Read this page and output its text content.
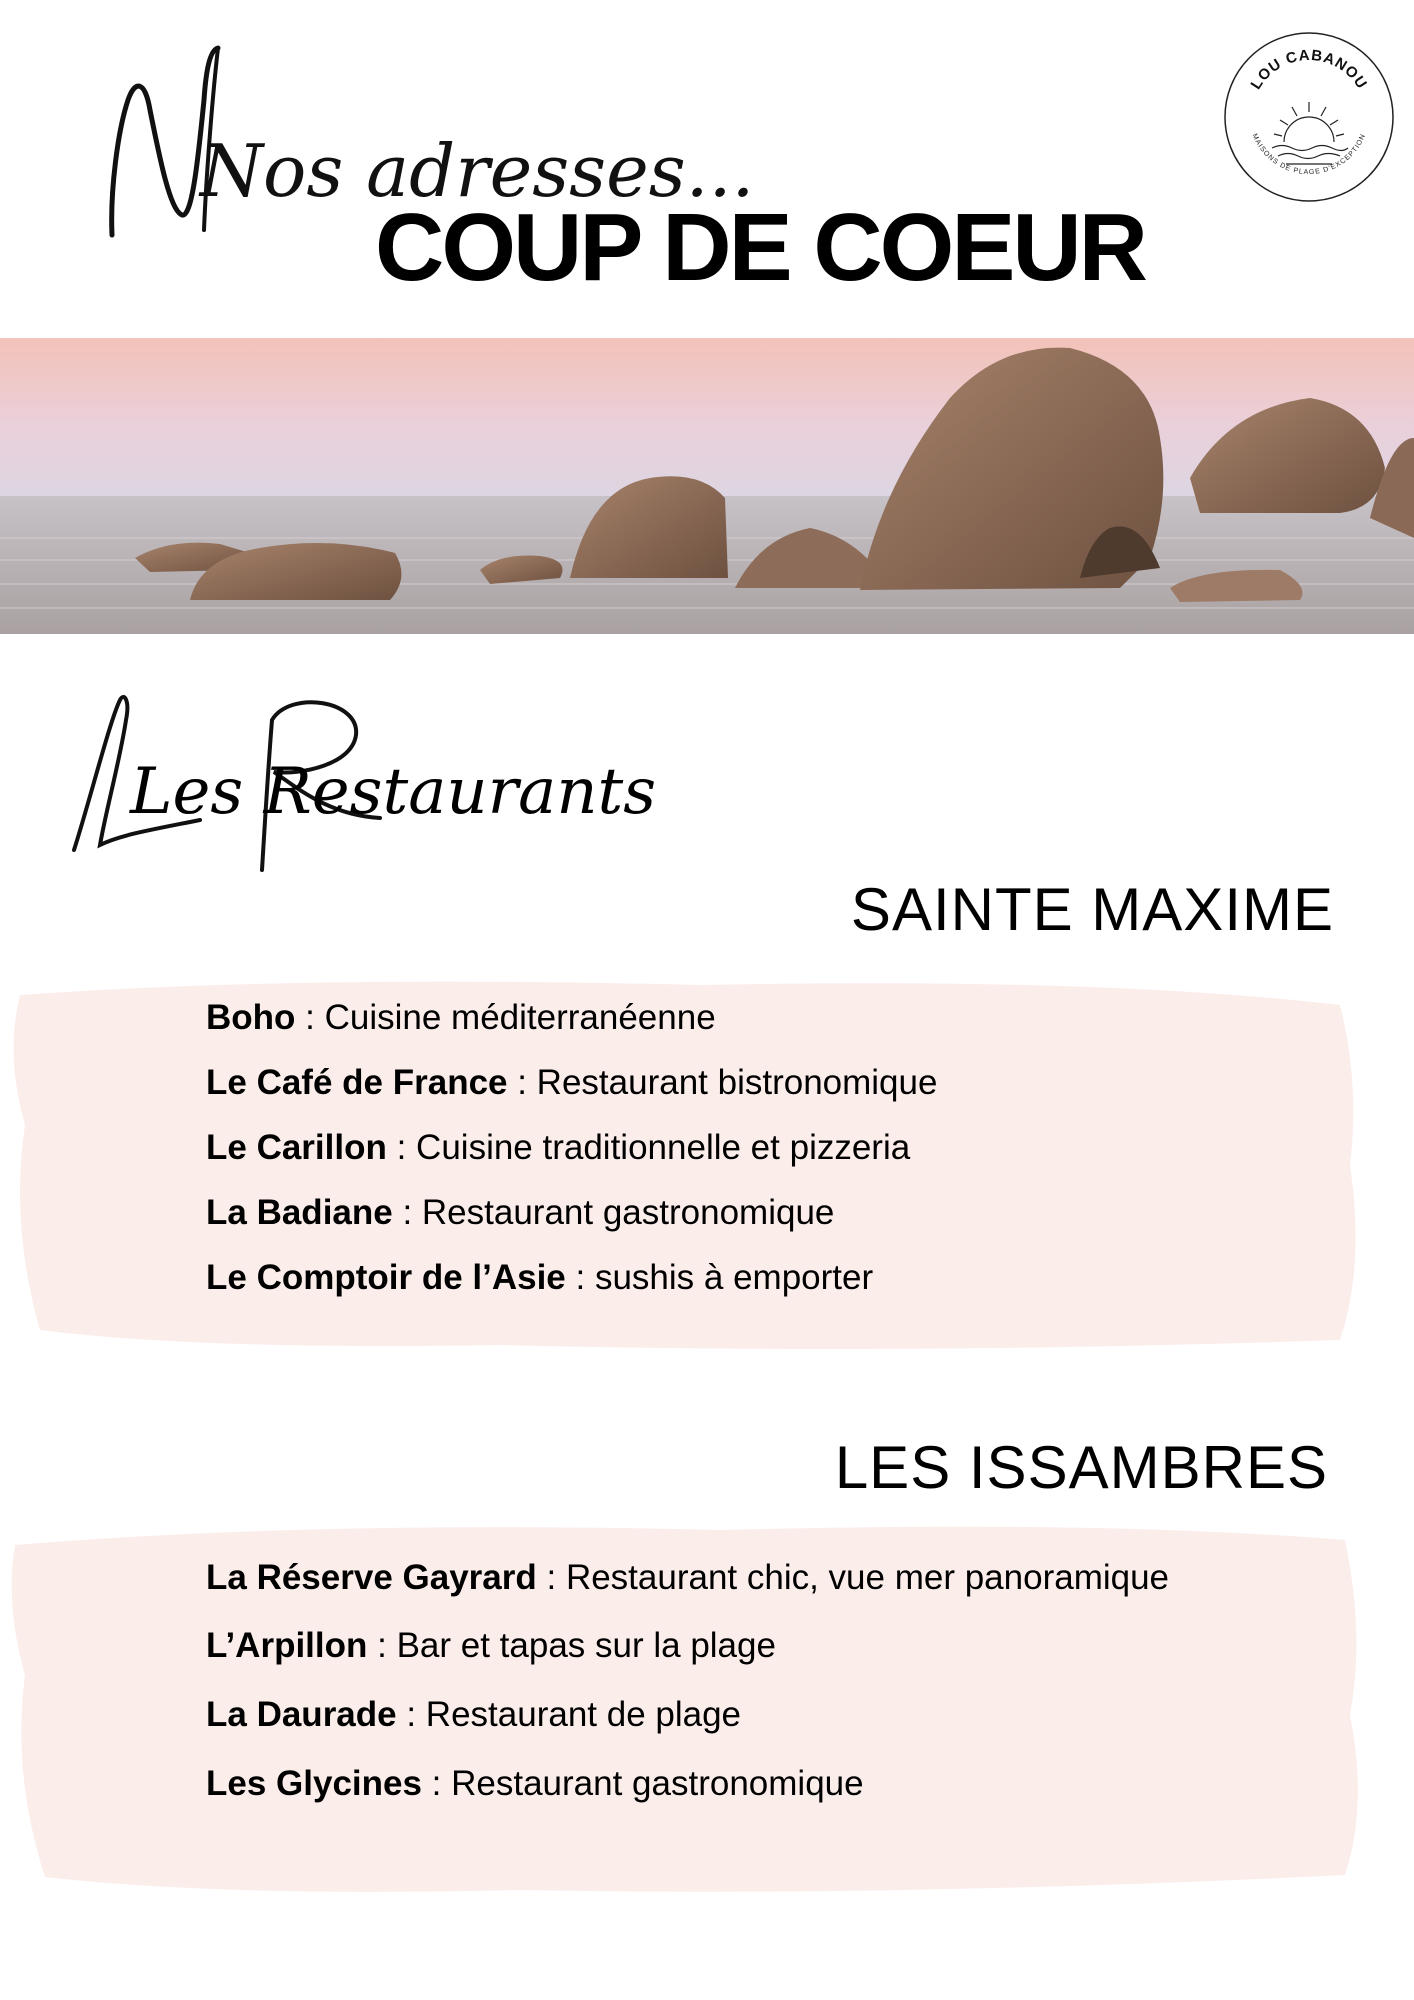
Nos adresses...
COUP DE COEUR
LOU CABANOU
MAISONS DE PLAGE D'EXCEPTION
Les Restaurants
SAINTE MAXIME
Boho : Cuisine méditerranéenne
Le Café de France : Restaurant bistronomique
Le Carillon : Cuisine traditionnelle et pizzeria
La Badiane : Restaurant gastronomique
Le Comptoir de l’Asie : sushis à emporter
LES ISSAMBRES
La Réserve Gayrard : Restaurant chic, vue mer panoramique
L’Arpillon : Bar et tapas sur la plage
La Daurade : Restaurant de plage
Les Glycines : Restaurant gastronomique
